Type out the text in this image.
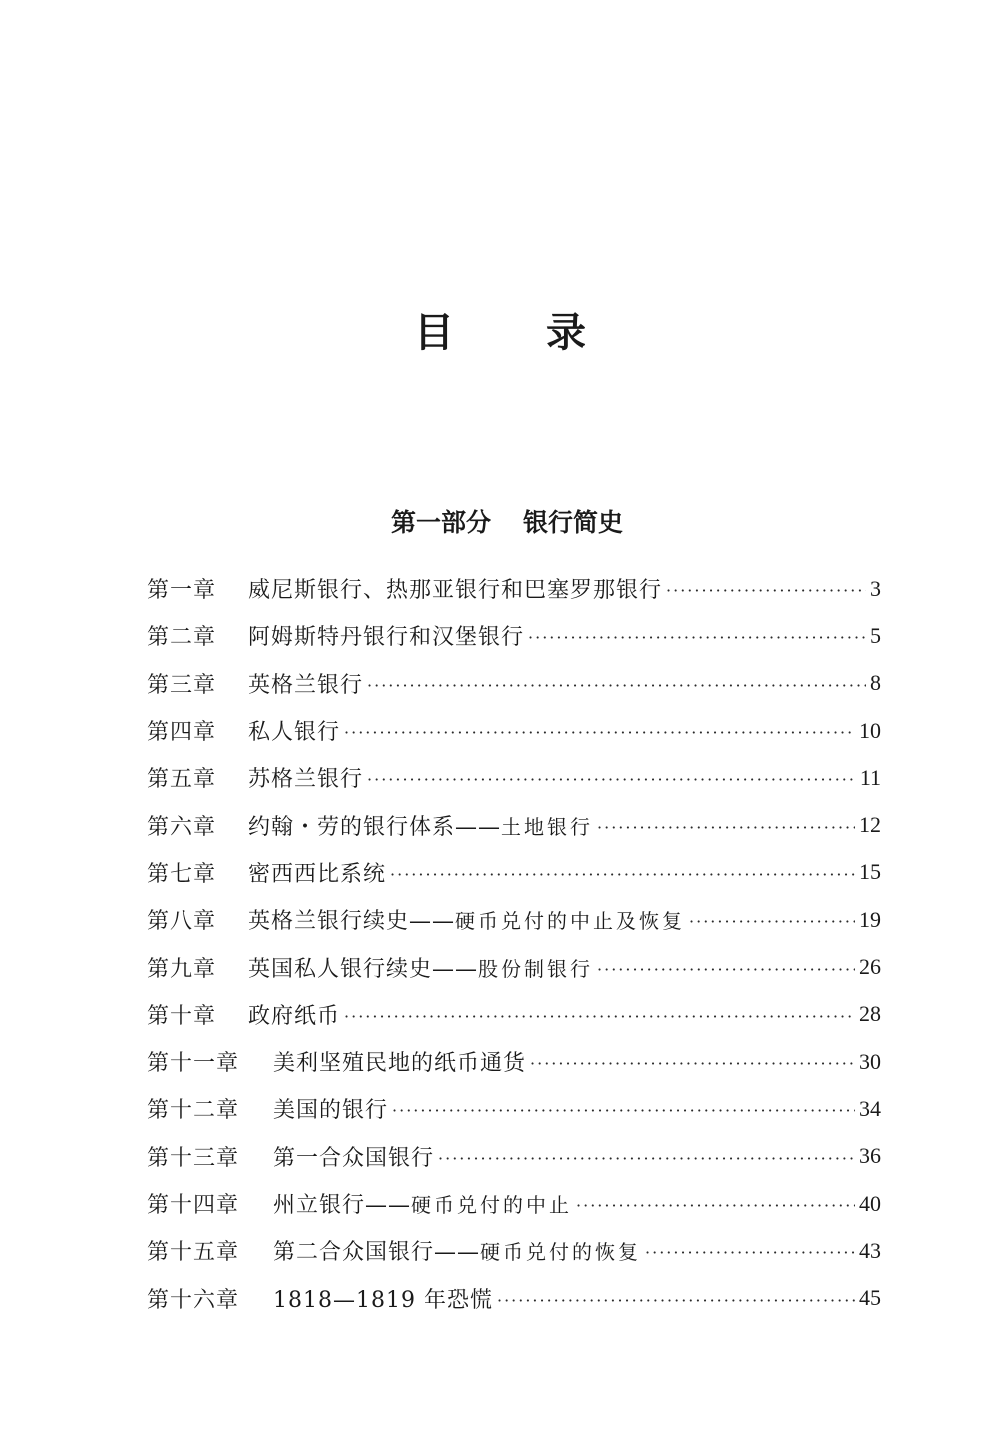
目 录
第一部分 银行简史
第一章	威尼斯银行、热那亚银行和巴塞罗那银行 ·····	3
第二章	阿姆斯特丹银行和汉堡银行 ·····	5
第三章	英格兰银行 ·····	8
第四章	私人银行 ·····	10
第五章	苏格兰银行 ·····	11
第六章	约翰・劳的银行体系——土地银行 ·····	12
第七章	密西西比系统 ·····	15
第八章	英格兰银行续史——硬币兑付的中止及恢复 ·····	19
第九章	英国私人银行续史——股份制银行 ·····	26
第十章	政府纸币 ·····	28
第十一章	美利坚殖民地的纸币通货 ·····	30
第十二章	美国的银行 ·····	34
第十三章	第一合众国银行 ·····	36
第十四章	州立银行——硬币兑付的中止 ·····	40
第十五章	第二合众国银行——硬币兑付的恢复 ·····	43
第十六章	1818—1819 年恐慌 ·····	45
